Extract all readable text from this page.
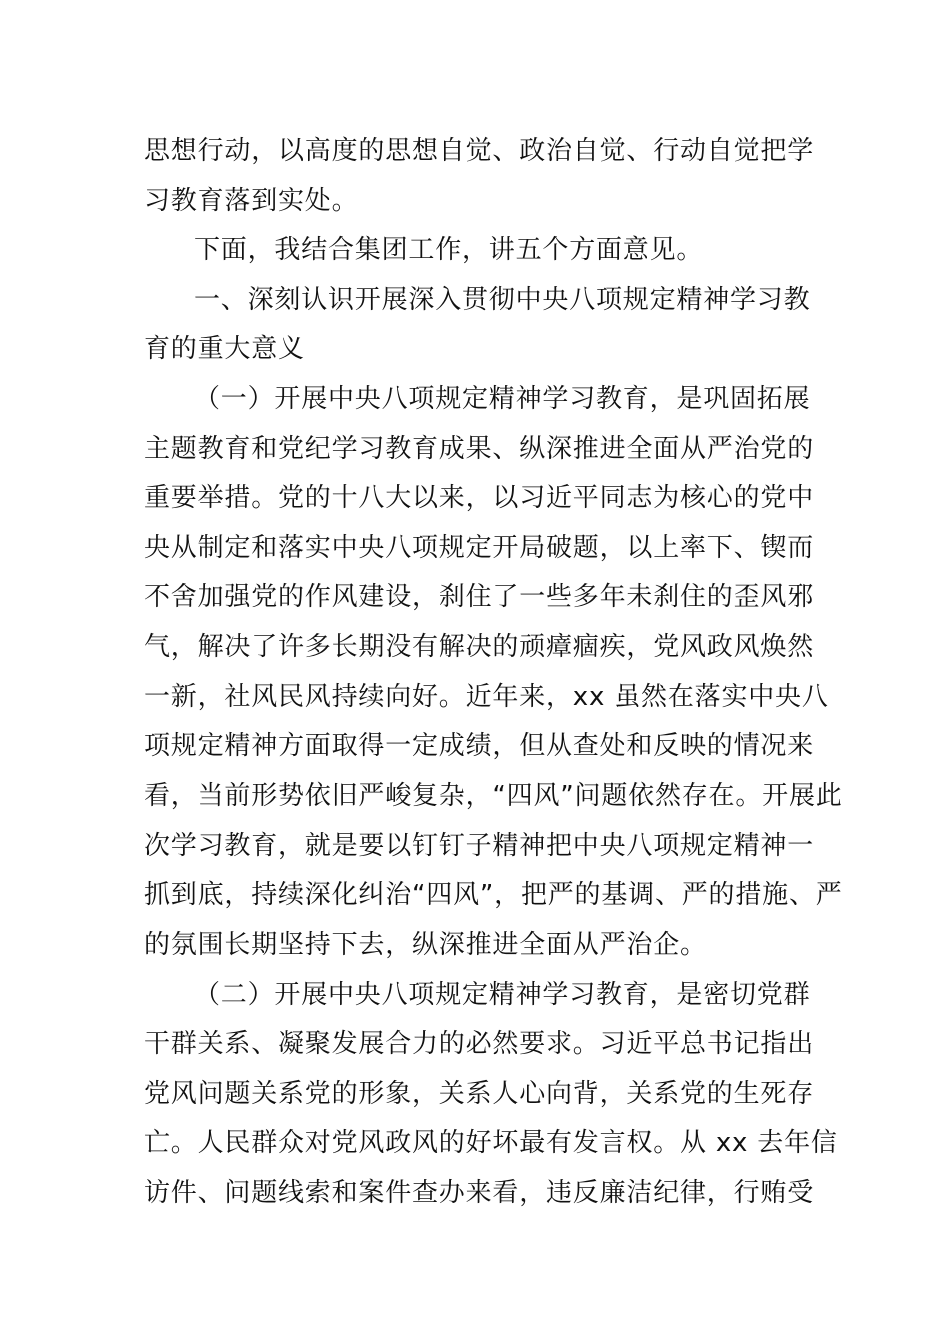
思想行动，以高度的思想自觉、政治自觉、行动自觉把学
习教育落到实处。
下面，我结合集团工作，讲五个方面意见。
一、深刻认识开展深入贯彻中央八项规定精神学习教
育的重大意义
（一）开展中央八项规定精神学习教育，是巩固拓展
主题教育和党纪学习教育成果、纵深推进全面从严治党的
重要举措。党的十八大以来，以习近平同志为核心的党中
央从制定和落实中央八项规定开局破题，以上率下、锲而
不舍加强党的作风建设，刹住了一些多年未刹住的歪风邪
气，解决了许多长期没有解决的顽瘴痼疾，党风政风焕然
一新，社风民风持续向好。近年来，xx 虽然在落实中央八
项规定精神方面取得一定成绩，但从查处和反映的情况来
看，当前形势依旧严峻复杂，“四风”问题依然存在。开展此
次学习教育，就是要以钉钉子精神把中央八项规定精神一
抓到底，持续深化纠治“四风”，把严的基调、严的措施、严
的氛围长期坚持下去，纵深推进全面从严治企。
（二）开展中央八项规定精神学习教育，是密切党群
干群关系、凝聚发展合力的必然要求。习近平总书记指出
党风问题关系党的形象，关系人心向背，关系党的生死存
亡。人民群众对党风政风的好坏最有发言权。从 xx 去年信
访件、问题线索和案件查办来看，违反廉洁纪律，行贿受
